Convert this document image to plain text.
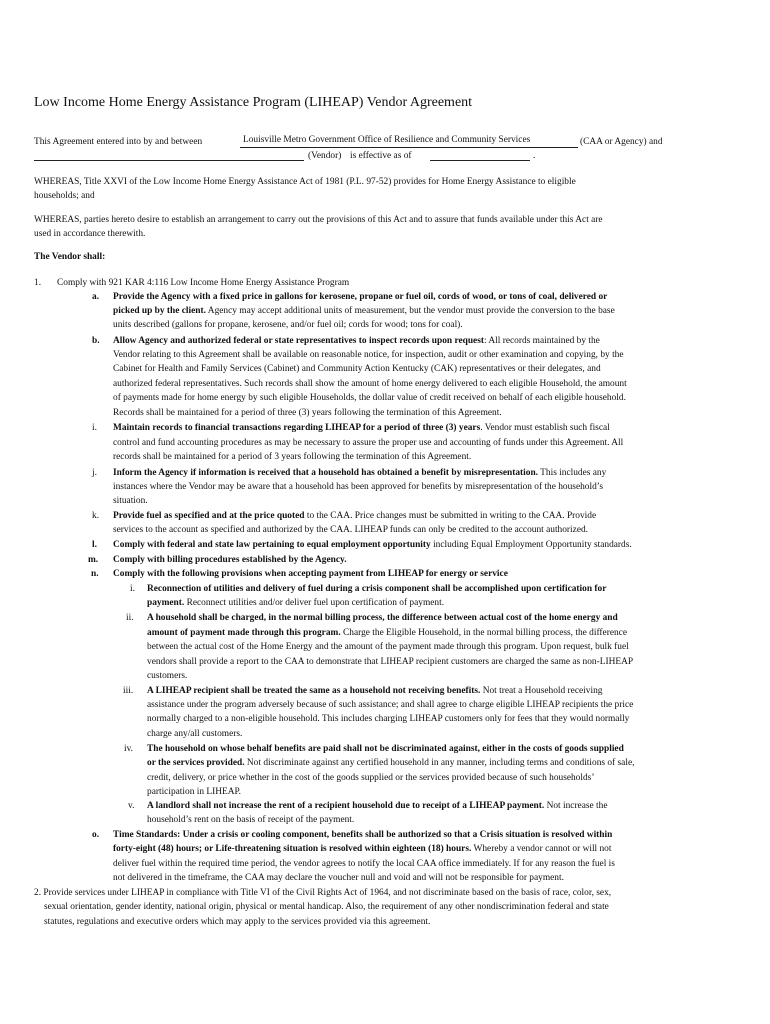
Low Income Home Energy Assistance Program (LIHEAP) Vendor Agreement
This Agreement entered into by and between	Louisville Metro Government Office of Resilience and Community Services	(CAA or Agency) and
(Vendor) is effective as of	.
WHEREAS, Title XXVI of the Low Income Home Energy Assistance Act of 1981 (P.L. 97-52) provides for Home Energy Assistance to eligible
households; and
WHEREAS, parties hereto desire to establish an arrangement to carry out the provisions of this Act and to assure that funds available under this Act are
used in accordance therewith.
The Vendor shall:
1. Comply with 921 KAR 4:116 Low Income Home Energy Assistance Program
a. Provide the Agency with a fixed price in gallons for kerosene, propane or fuel oil, cords of wood, or tons of coal, delivered or
picked up by the client. Agency may accept additional units of measurement, but the vendor must provide the conversion to the base
units described (gallons for propane, kerosene, and/or fuel oil; cords for wood; tons for coal).
b. Allow Agency and authorized federal or state representatives to inspect records upon request: All records maintained by the
Vendor relating to this Agreement shall be available on reasonable notice, for inspection, audit or other examination and copying, by the
Cabinet for Health and Family Services (Cabinet) and Community Action Kentucky (CAK) representatives or their delegates, and
authorized federal representatives. Such records shall show the amount of home energy delivered to each eligible Household, the amount
of payments made for home energy by such eligible Households, the dollar value of credit received on behalf of each eligible household.
Records shall be maintained for a period of three (3) years following the termination of this Agreement.
i. Maintain records to financial transactions regarding LIHEAP for a period of three (3) years. Vendor must establish such fiscal
control and fund accounting procedures as may be necessary to assure the proper use and accounting of funds under this Agreement. All
records shall be maintained for a period of 3 years following the termination of this Agreement.
j. Inform the Agency if information is received that a household has obtained a benefit by misrepresentation. This includes any
instances where the Vendor may be aware that a household has been approved for benefits by misrepresentation of the household’s
situation.
k. Provide fuel as specified and at the price quoted to the CAA. Price changes must be submitted in writing to the CAA. Provide
services to the account as specified and authorized by the CAA. LIHEAP funds can only be credited to the account authorized.
l. Comply with federal and state law pertaining to equal employment opportunity including Equal Employment Opportunity standards.
m. Comply with billing procedures established by the Agency.
n. Comply with the following provisions when accepting payment from LIHEAP for energy or service
i. Reconnection of utilities and delivery of fuel during a crisis component shall be accomplished upon certification for
payment. Reconnect utilities and/or deliver fuel upon certification of payment.
ii. A household shall be charged, in the normal billing process, the difference between actual cost of the home energy and
amount of payment made through this program. Charge the Eligible Household, in the normal billing process, the difference
between the actual cost of the Home Energy and the amount of the payment made through this program. Upon request, bulk fuel
vendors shall provide a report to the CAA to demonstrate that LIHEAP recipient customers are charged the same as non-LIHEAP
customers.
iii. A LIHEAP recipient shall be treated the same as a household not receiving benefits. Not treat a Household receiving
assistance under the program adversely because of such assistance; and shall agree to charge eligible LIHEAP recipients the price
normally charged to a non-eligible household. This includes charging LIHEAP customers only for fees that they would normally
charge any/all customers.
iv. The household on whose behalf benefits are paid shall not be discriminated against, either in the costs of goods supplied
or the services provided. Not discriminate against any certified household in any manner, including terms and conditions of sale,
credit, delivery, or price whether in the cost of the goods supplied or the services provided because of such households’
participation in LIHEAP.
v. A landlord shall not increase the rent of a recipient household due to receipt of a LIHEAP payment. Not increase the
household’s rent on the basis of receipt of the payment.
o. Time Standards: Under a crisis or cooling component, benefits shall be authorized so that a Crisis situation is resolved within
forty-eight (48) hours; or Life-threatening situation is resolved within eighteen (18) hours. Whereby a vendor cannot or will not
deliver fuel within the required time period, the vendor agrees to notify the local CAA office immediately. If for any reason the fuel is
not delivered in the timeframe, the CAA may declare the voucher null and void and will not be responsible for payment.
2. Provide services under LIHEAP in compliance with Title VI of the Civil Rights Act of 1964, and not discriminate based on the basis of race, color, sex,
sexual orientation, gender identity, national origin, physical or mental handicap. Also, the requirement of any other nondiscrimination federal and state
statutes, regulations and executive orders which may apply to the services provided via this agreement.
